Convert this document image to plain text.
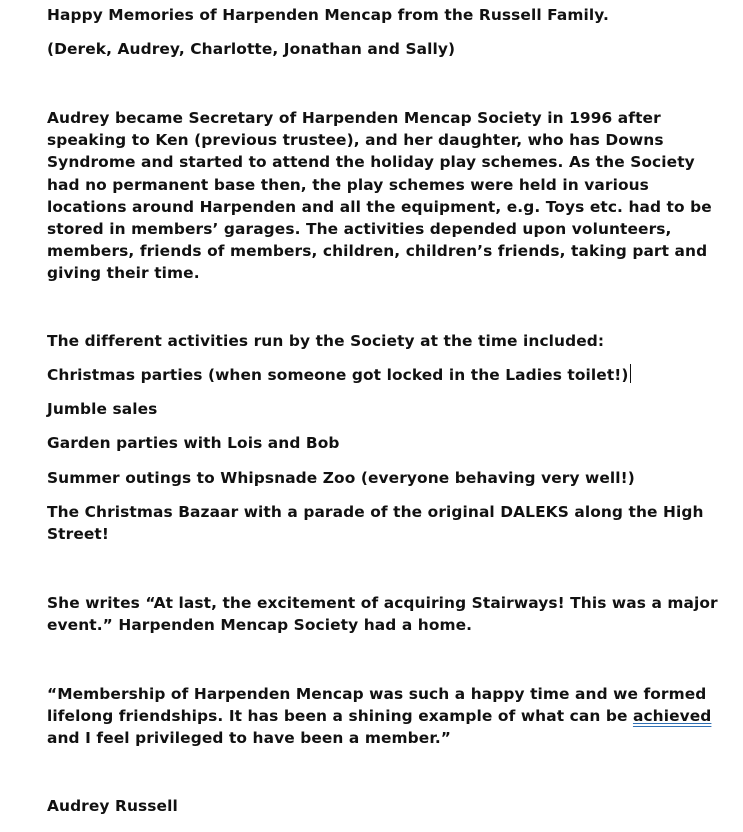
Happy Memories of Harpenden Mencap from the Russell Family.
(Derek, Audrey, Charlotte, Jonathan and Sally)
Audrey became Secretary of Harpenden Mencap Society in 1996 after speaking to Ken (previous trustee), and her daughter, who has Downs Syndrome and started to attend the holiday play schemes. As the Society had no permanent base then, the play schemes were held in various locations around Harpenden and all the equipment, e.g. Toys etc. had to be stored in members’ garages. The activities depended upon volunteers, members, friends of members, children, children’s friends, taking part and giving their time.
The different activities run by the Society at the time included:
Christmas parties (when someone got locked in the Ladies toilet!)
Jumble sales
Garden parties with Lois and Bob
Summer outings to Whipsnade Zoo (everyone behaving very well!)
The Christmas Bazaar with a parade of the original DALEKS along the High Street!
She writes “At last, the excitement of acquiring Stairways! This was a major event.” Harpenden Mencap Society had a home.
“Membership of Harpenden Mencap was such a happy time and we formed lifelong friendships. It has been a shining example of what can be achieved and I feel privileged to have been a member.”
Audrey Russell
